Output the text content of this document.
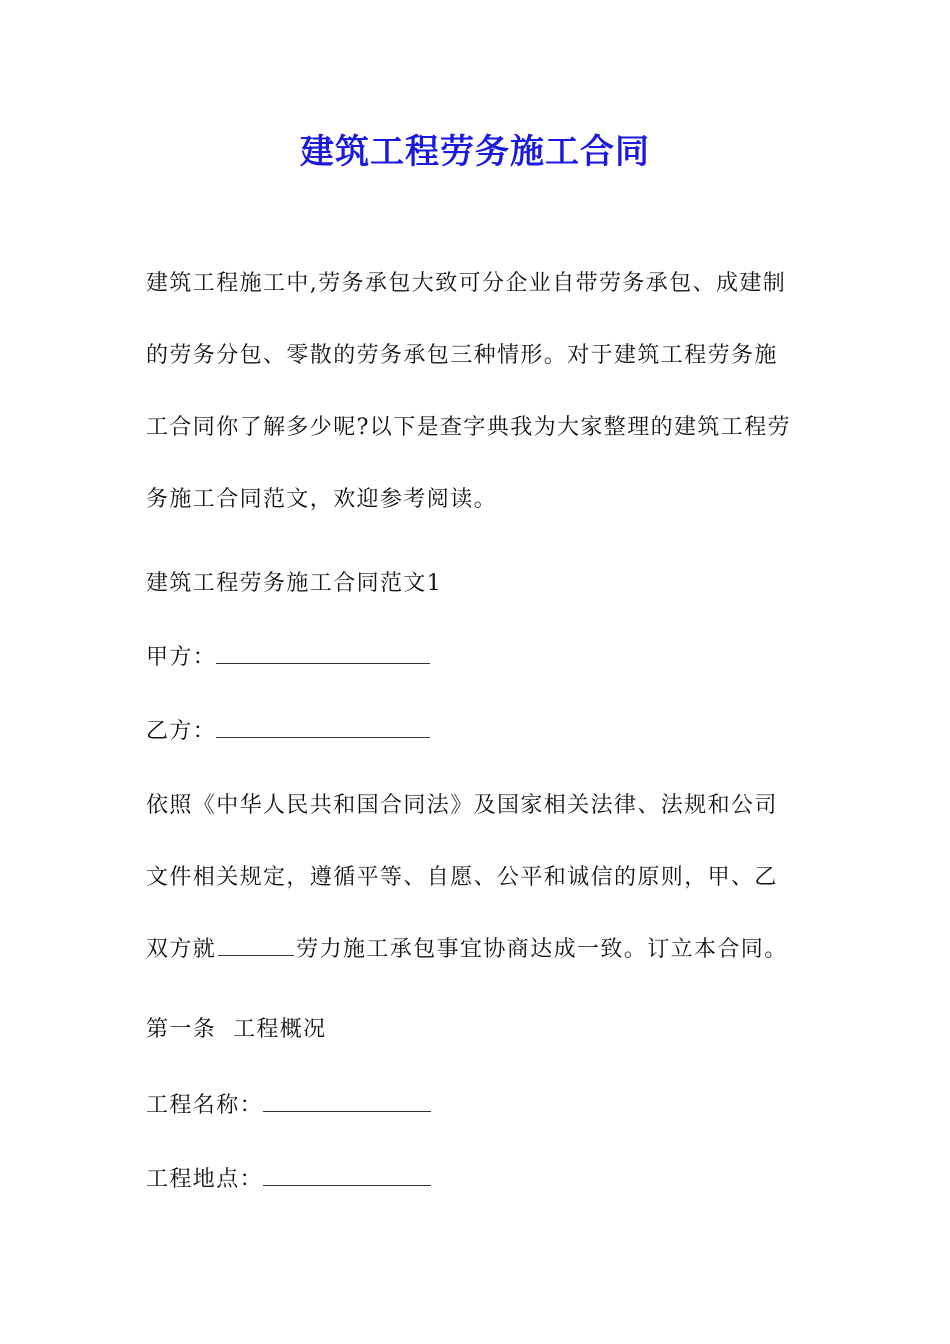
建筑工程劳务施工合同
建筑工程施工中,劳务承包大致可分企业自带劳务承包、成建制
的劳务分包、零散的劳务承包三种情形。对于建筑工程劳务施
工合同你了解多少呢?以下是查字典我为大家整理的建筑工程劳
务施工合同范文，欢迎参考阅读。
建筑工程劳务施工合同范文1
甲方：
乙方：
依照《中华人民共和国合同法》及国家相关法律、法规和公司
文件相关规定，遵循平等、自愿、公平和诚信的原则，甲、乙
双方就	劳力施工承包事宜协商达成一致。订立本合同。
第一条  工程概况
工程名称：
工程地点：
